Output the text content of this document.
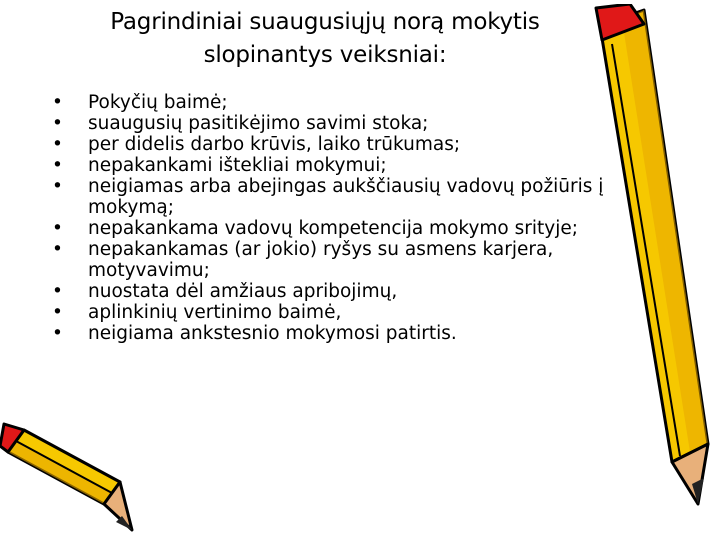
Pagrindiniai suaugusiųjų norą mokytis
slopinantys veiksniai:
•	Pokyčių baimė;
•	suaugusių pasitikėjimo savimi stoka;
•	per didelis darbo krūvis, laiko trūkumas;
•	nepakankami ištekliai mokymui;
•	neigiamas arba abejingas aukščiausių vadovų požiūris į mokymą;
•	nepakankama vadovų kompetencija mokymo srityje;
•	nepakankamas (ar jokio) ryšys su asmens karjera, motyvavimu;
•	nuostata dėl amžiaus apribojimų,
•	aplinkinių vertinimo baimė,
•	neigiama ankstesnio mokymosi patirtis.
